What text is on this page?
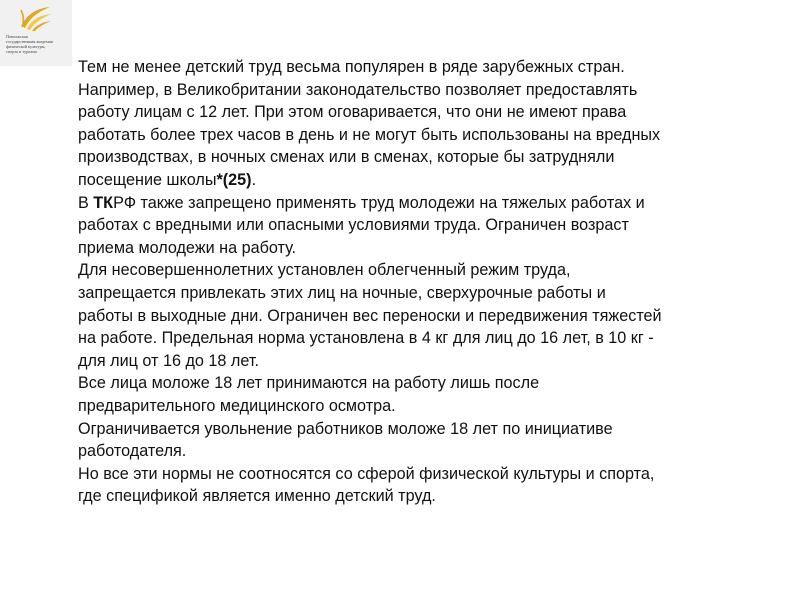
Поволжская
государственная академия
физической культуры,
спорта и туризма
Тем не менее детский труд весьма популярен в ряде зарубежных стран.
Например, в Великобритании законодательство позволяет предоставлять
работу лицам с 12 лет. При этом оговаривается, что они не имеют права
работать более трех часов в день и не могут быть использованы на вредных
производствах, в ночных сменах или в сменах, которые бы затрудняли
посещение школы*(25).
В ТКРФ также запрещено применять труд молодежи на тяжелых работах и
работах с вредными или опасными условиями труда. Ограничен возраст
приема молодежи на работу.
Для несовершеннолетних установлен облегченный режим труда,
запрещается привлекать этих лиц на ночные, сверхурочные работы и
работы в выходные дни. Ограничен вес переноски и передвижения тяжестей
на работе. Предельная норма установлена в 4 кг для лиц до 16 лет, в 10 кг -
для лиц от 16 до 18 лет.
Все лица моложе 18 лет принимаются на работу лишь после
предварительного медицинского осмотра.
Ограничивается увольнение работников моложе 18 лет по инициативе
работодателя.
Но все эти нормы не соотносятся со сферой физической культуры и спорта,
где спецификой является именно детский труд.
